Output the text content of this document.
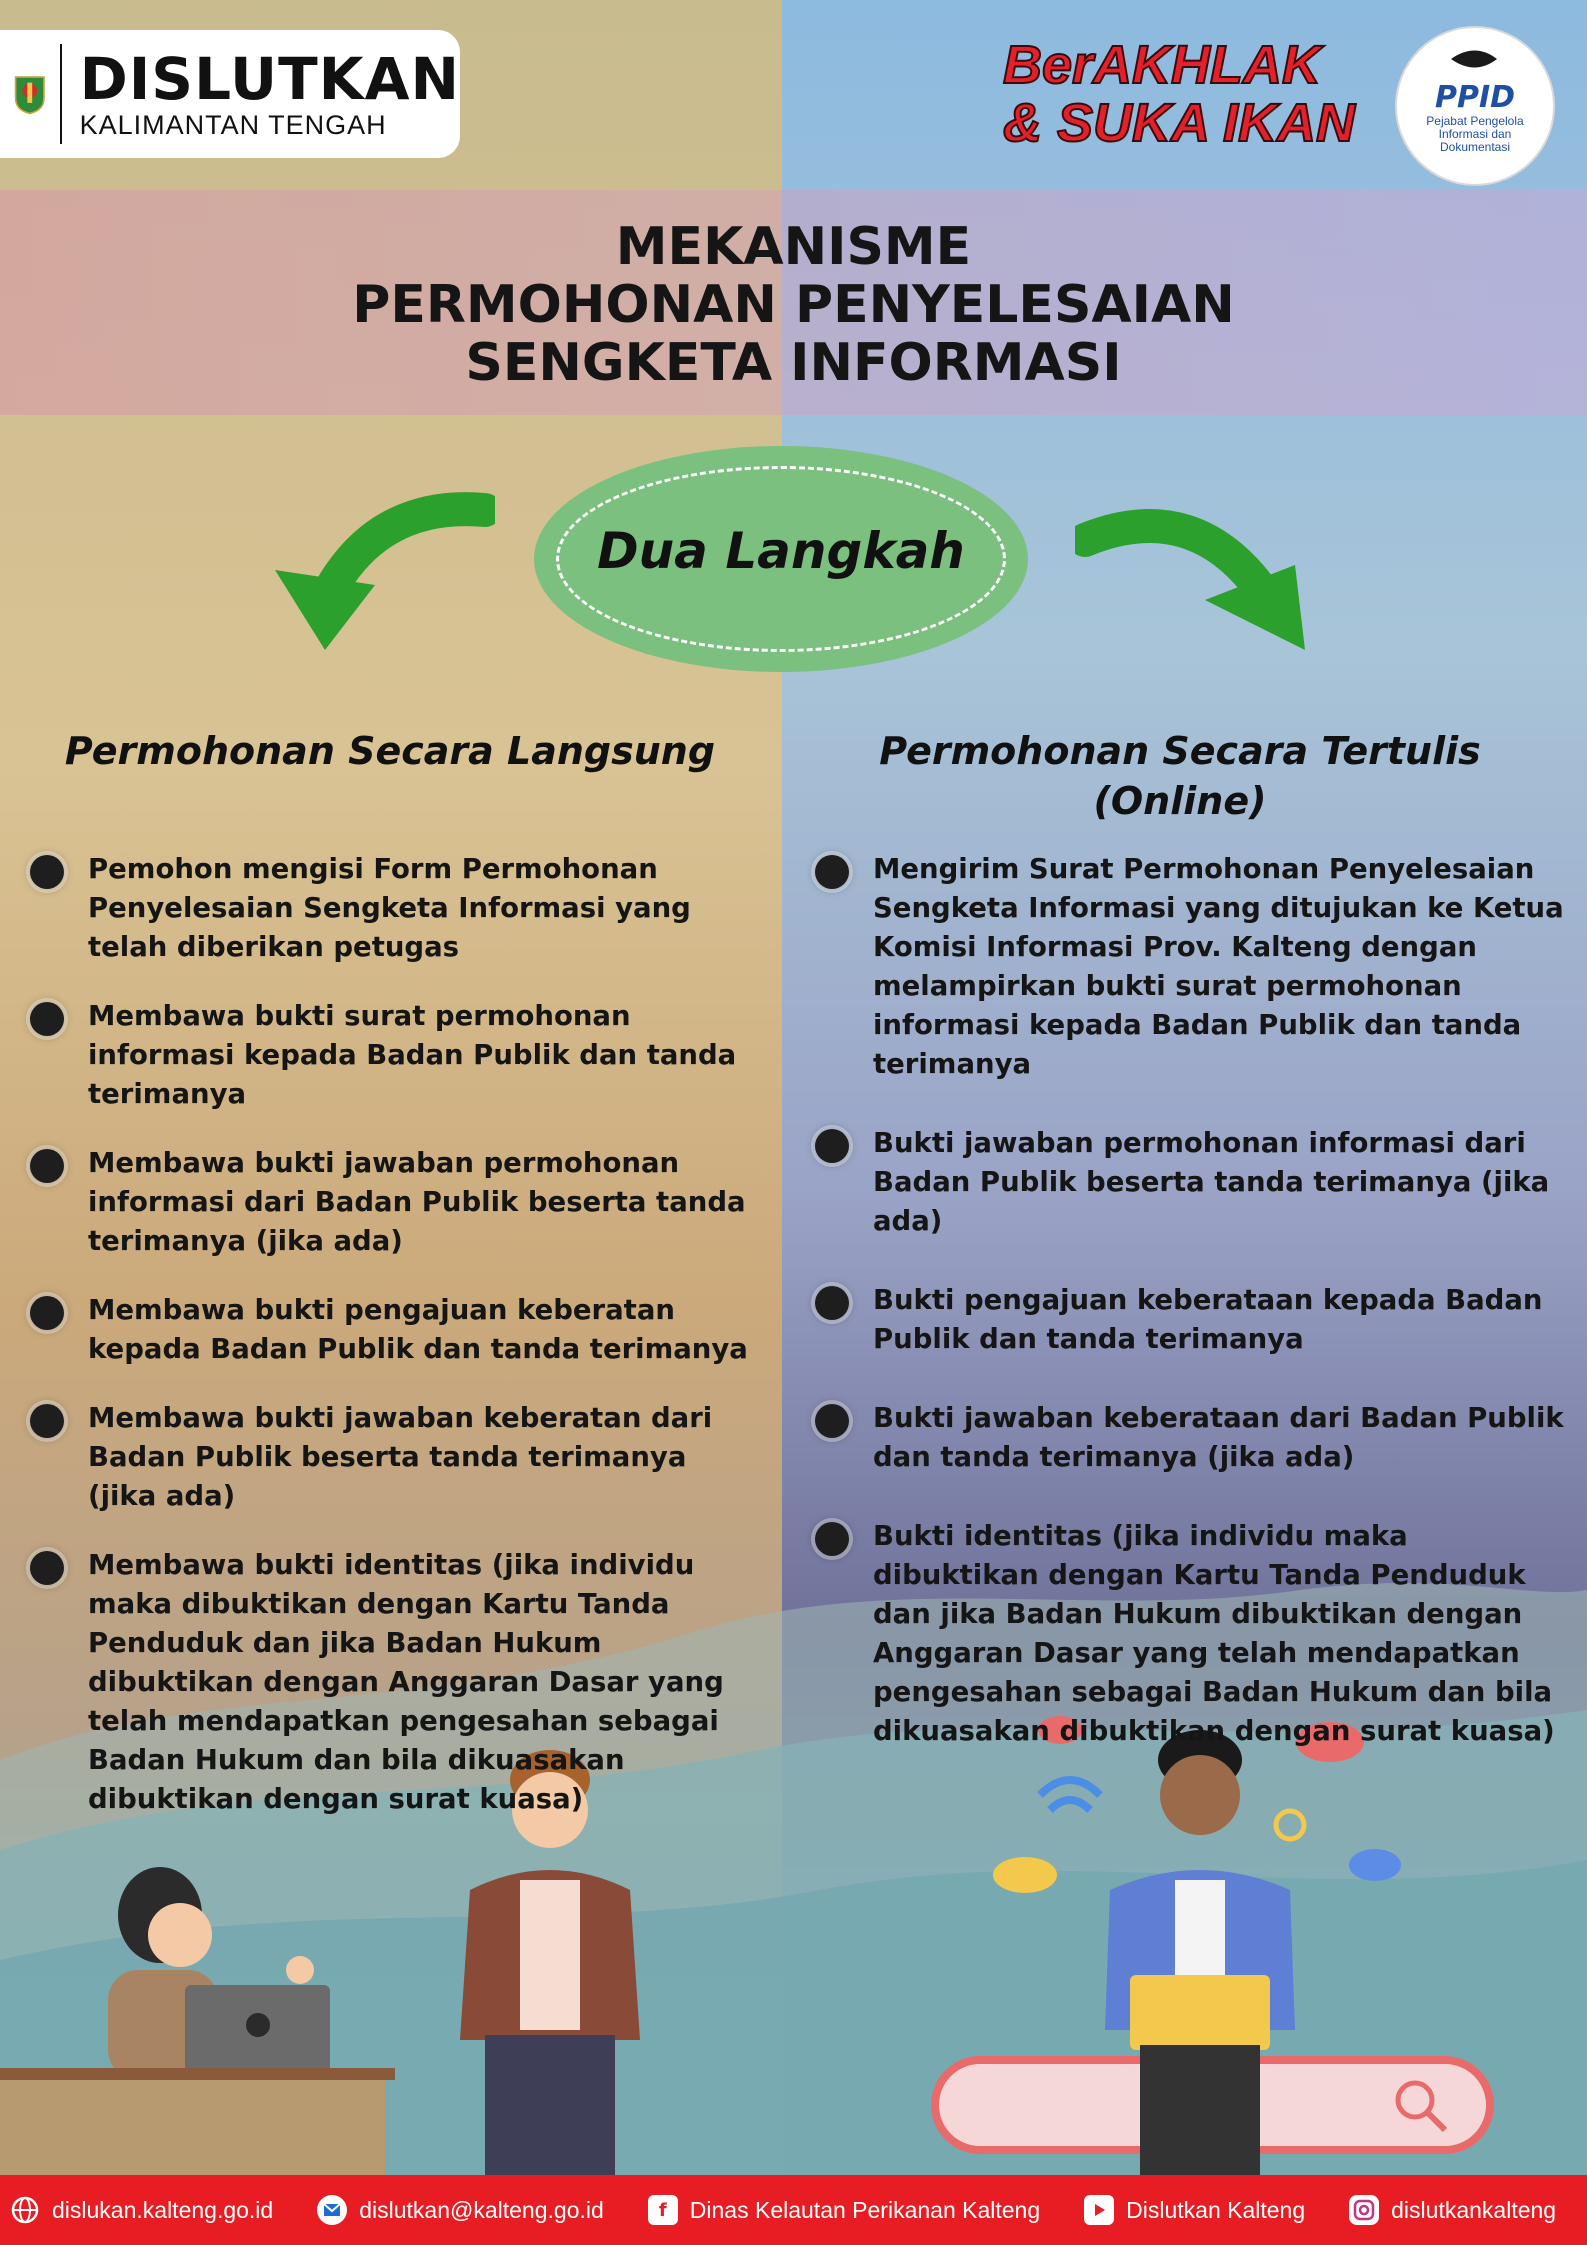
DISLUTKAN
KALIMANTAN TENGAH
BerAKHLAK
& SUKA IKAN	PPID
Pejabat Pengelola Informasi dan Dokumentasi
MEKANISME
PERMOHONAN PENYELESAIAN
SENGKETA INFORMASI
Dua Langkah
Permohonan Secara Langsung	Permohonan Secara Tertulis
(Online)
Pemohon mengisi Form Permohonan Penyelesaian Sengketa Informasi yang telah diberikan petugas
Membawa bukti surat permohonan informasi kepada Badan Publik dan tanda terimanya
Membawa bukti jawaban permohonan informasi dari Badan Publik beserta tanda terimanya (jika ada)
Membawa bukti pengajuan keberatan kepada Badan Publik dan tanda terimanya
Membawa bukti jawaban keberatan dari Badan Publik beserta tanda terimanya (jika ada)
Membawa bukti identitas (jika individu maka dibuktikan dengan Kartu Tanda Penduduk dan jika Badan Hukum dibuktikan dengan Anggaran Dasar yang telah mendapatkan pengesahan sebagai Badan Hukum dan bila dikuasakan dibuktikan dengan surat kuasa)
Mengirim Surat Permohonan Penyelesaian Sengketa Informasi yang ditujukan ke Ketua Komisi Informasi Prov. Kalteng dengan melampirkan bukti surat permohonan informasi kepada Badan Publik dan tanda terimanya
Bukti jawaban permohonan informasi dari Badan Publik beserta tanda terimanya (jika ada)
Bukti pengajuan keberataan kepada Badan Publik dan tanda terimanya
Bukti jawaban keberataan dari Badan Publik dan tanda terimanya (jika ada)
Bukti identitas (jika individu maka dibuktikan dengan Kartu Tanda Penduduk dan jika Badan Hukum dibuktikan dengan Anggaran Dasar yang telah mendapatkan pengesahan sebagai Badan Hukum dan bila dikuasakan dibuktikan dengan surat kuasa)
dislukan.kalteng.go.id	dislutkan@kalteng.go.id	f	Dinas Kelautan Perikanan Kalteng	Dislutkan Kalteng	dislutkankalteng
